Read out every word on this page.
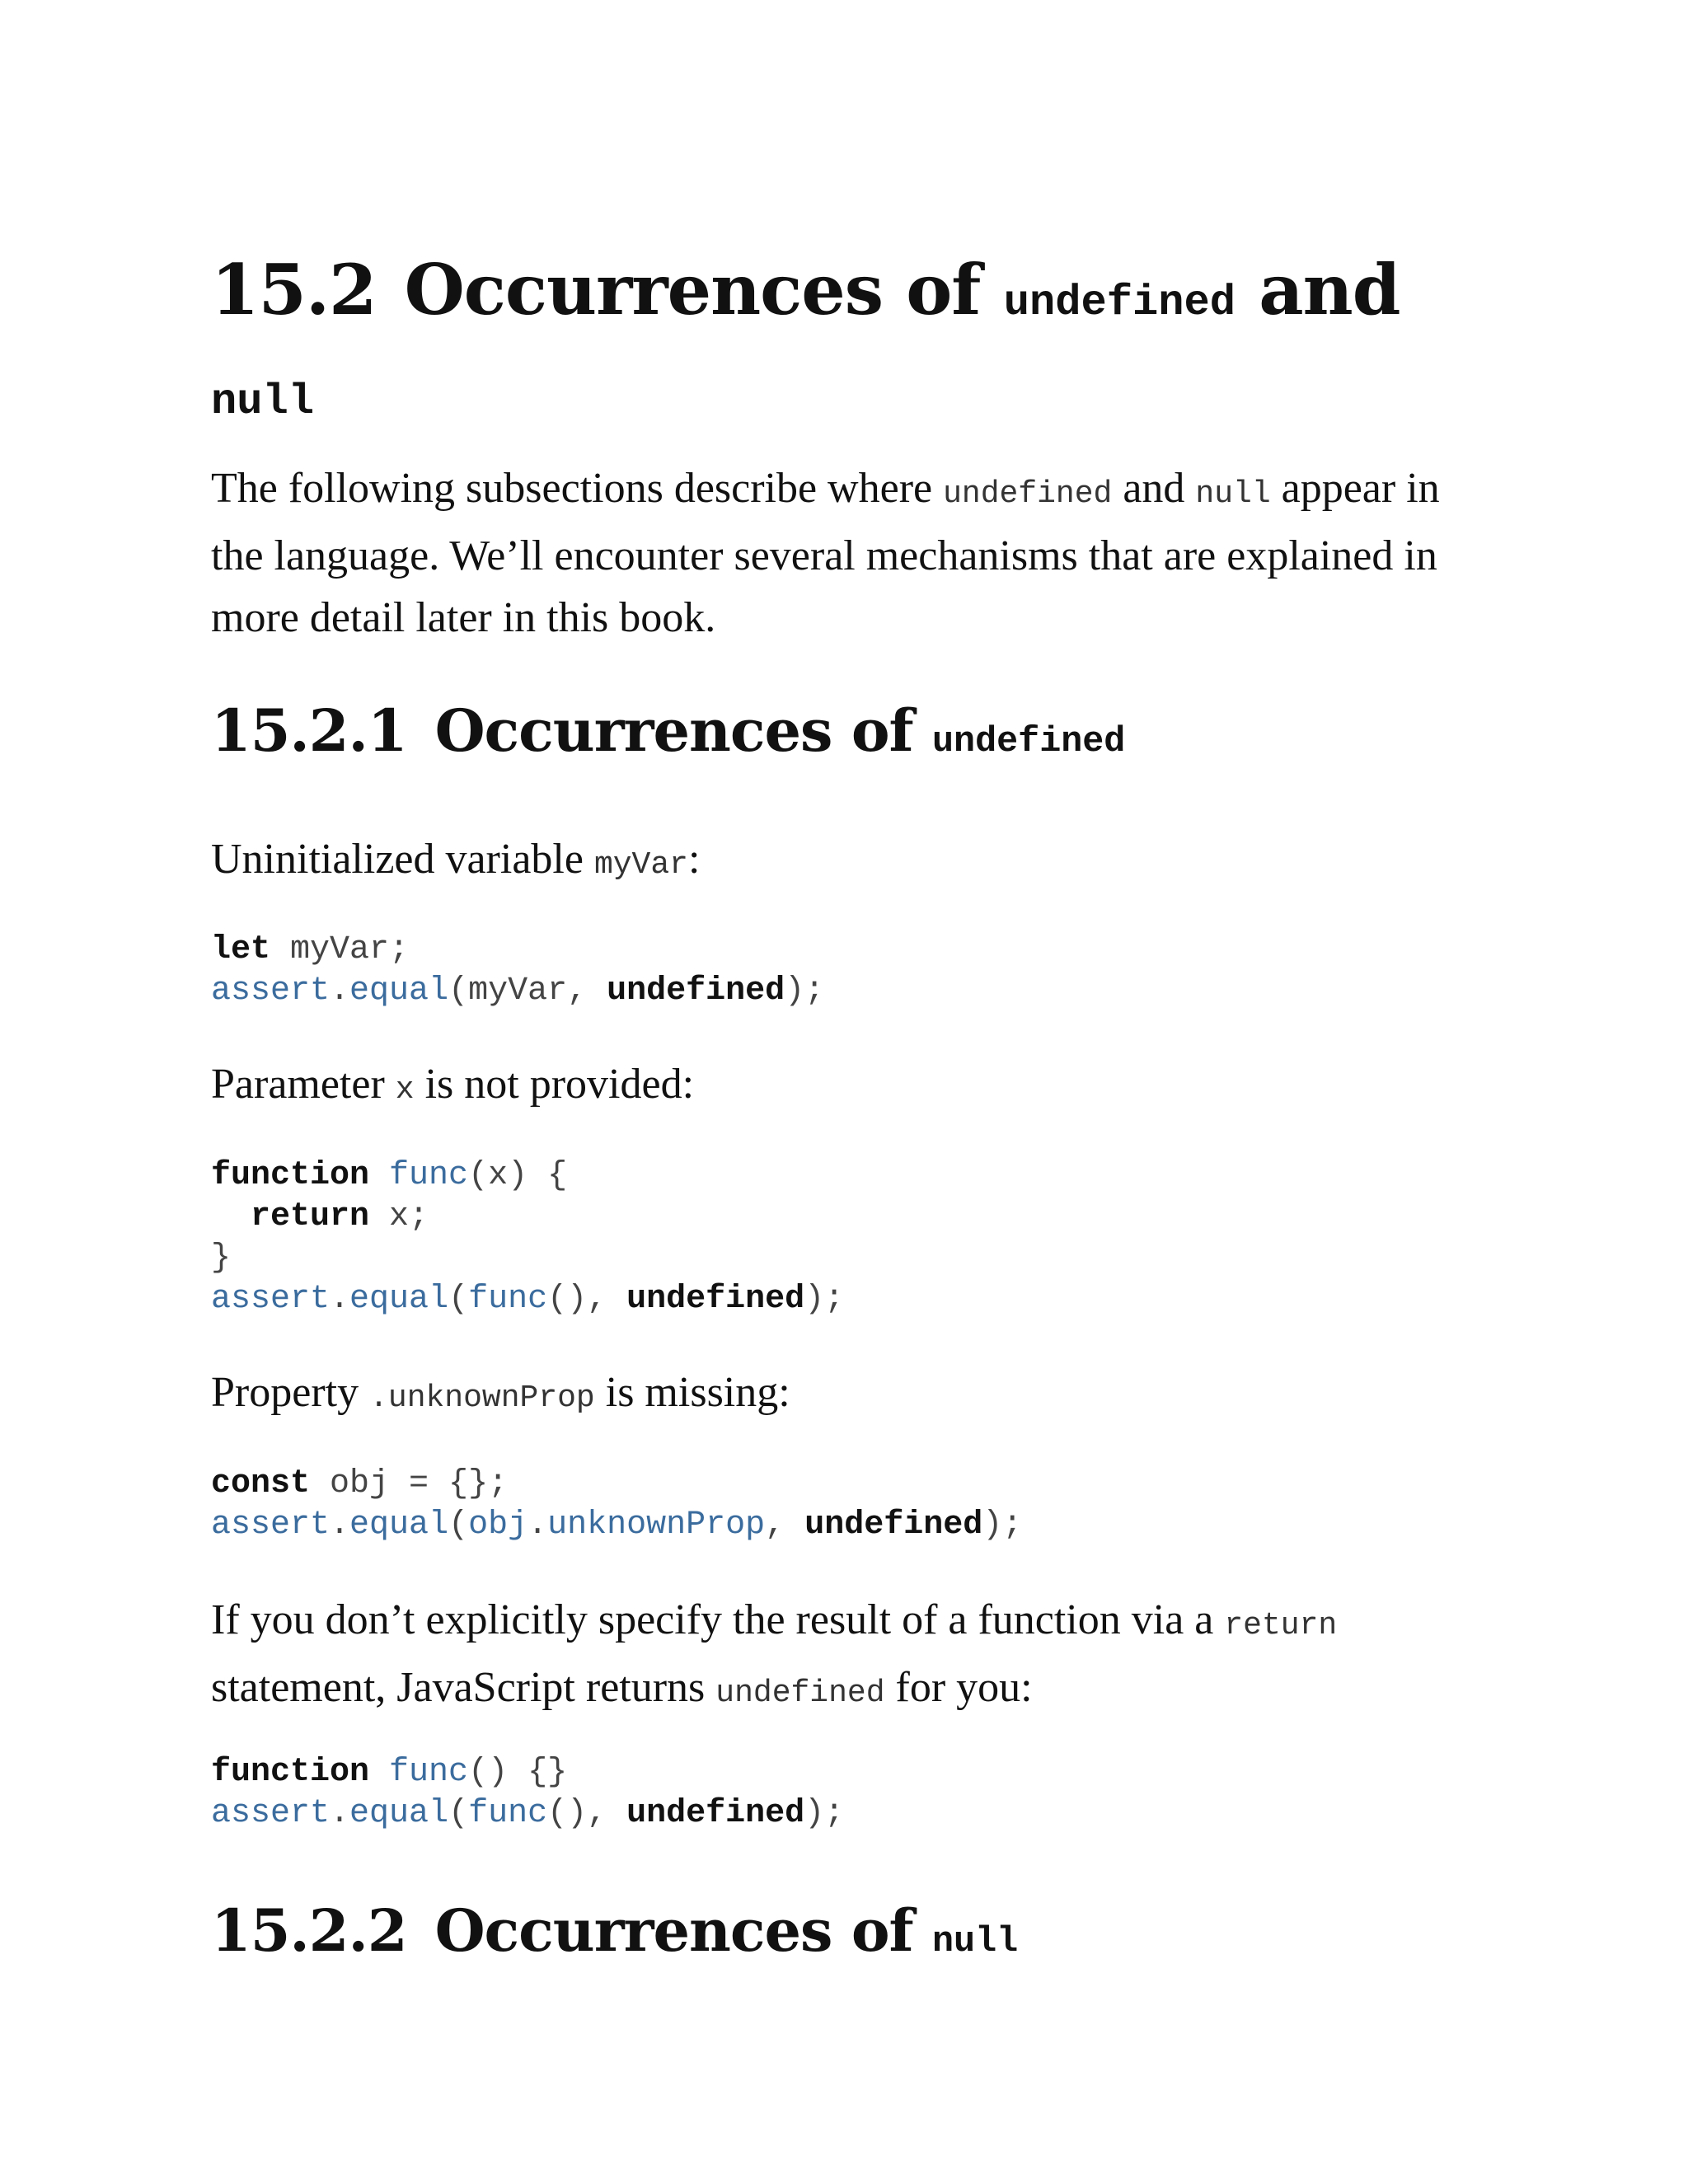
15.2 Occurrences of undefined and
null

The following subsections describe where undefined and null appear in the language. We’ll encounter several mechanisms that are explained in more detail later in this book.

15.2.1 Occurrences of undefined

Uninitialized variable myVar:

let myVar;
assert.equal(myVar, undefined);

Parameter x is not provided:

function func(x) {
return x;
}
assert.equal(func(), undefined);

Property .unknownProp is missing:

const obj = {};
assert.equal(obj.unknownProp, undefined);

If you don’t explicitly specify the result of a function via a return statement, JavaScript returns undefined for you:

function func() {}
assert.equal(func(), undefined);
15.2.2 Occurrences of null
